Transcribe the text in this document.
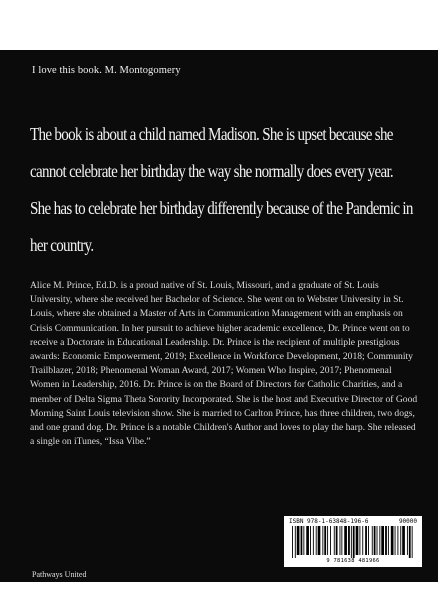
I love this book. M. Montogomery
The book is about a child named Madison. She is upset because she cannot celebrate her birthday the way she normally does every year. She has to celebrate her birthday differently because of the Pandemic in her country.
Alice M. Prince, Ed.D. is a proud native of St. Louis, Missouri, and a graduate of St. Louis University, where she received her Bachelor of Science. She went on to Webster University in St. Louis, where she obtained a Master of Arts in Communication Management with an emphasis on Crisis Communication. In her pursuit to achieve higher academic excellence, Dr. Prince went on to receive a Doctorate in Educational Leadership. Dr. Prince is the recipient of multiple prestigious awards: Economic Empowerment, 2019; Excellence in Workforce Development, 2018; Community Trailblazer, 2018; Phenomenal Woman Award, 2017; Women Who Inspire, 2017; Phenomenal Women in Leadership, 2016. Dr. Prince is on the Board of Directors for Catholic Charities, and a member of Delta Sigma Theta Sorority Incorporated. She is the host and Executive Director of Good Morning Saint Louis television show. She is married to Carlton Prince, has three children, two dogs, and one grand dog. Dr. Prince is a notable Children's Author and loves to play the harp. She released a single on iTunes, “Issa Vibe.”
ISBN 978-1-63848-196-6	90000
9 781638 481966
Pathways United
